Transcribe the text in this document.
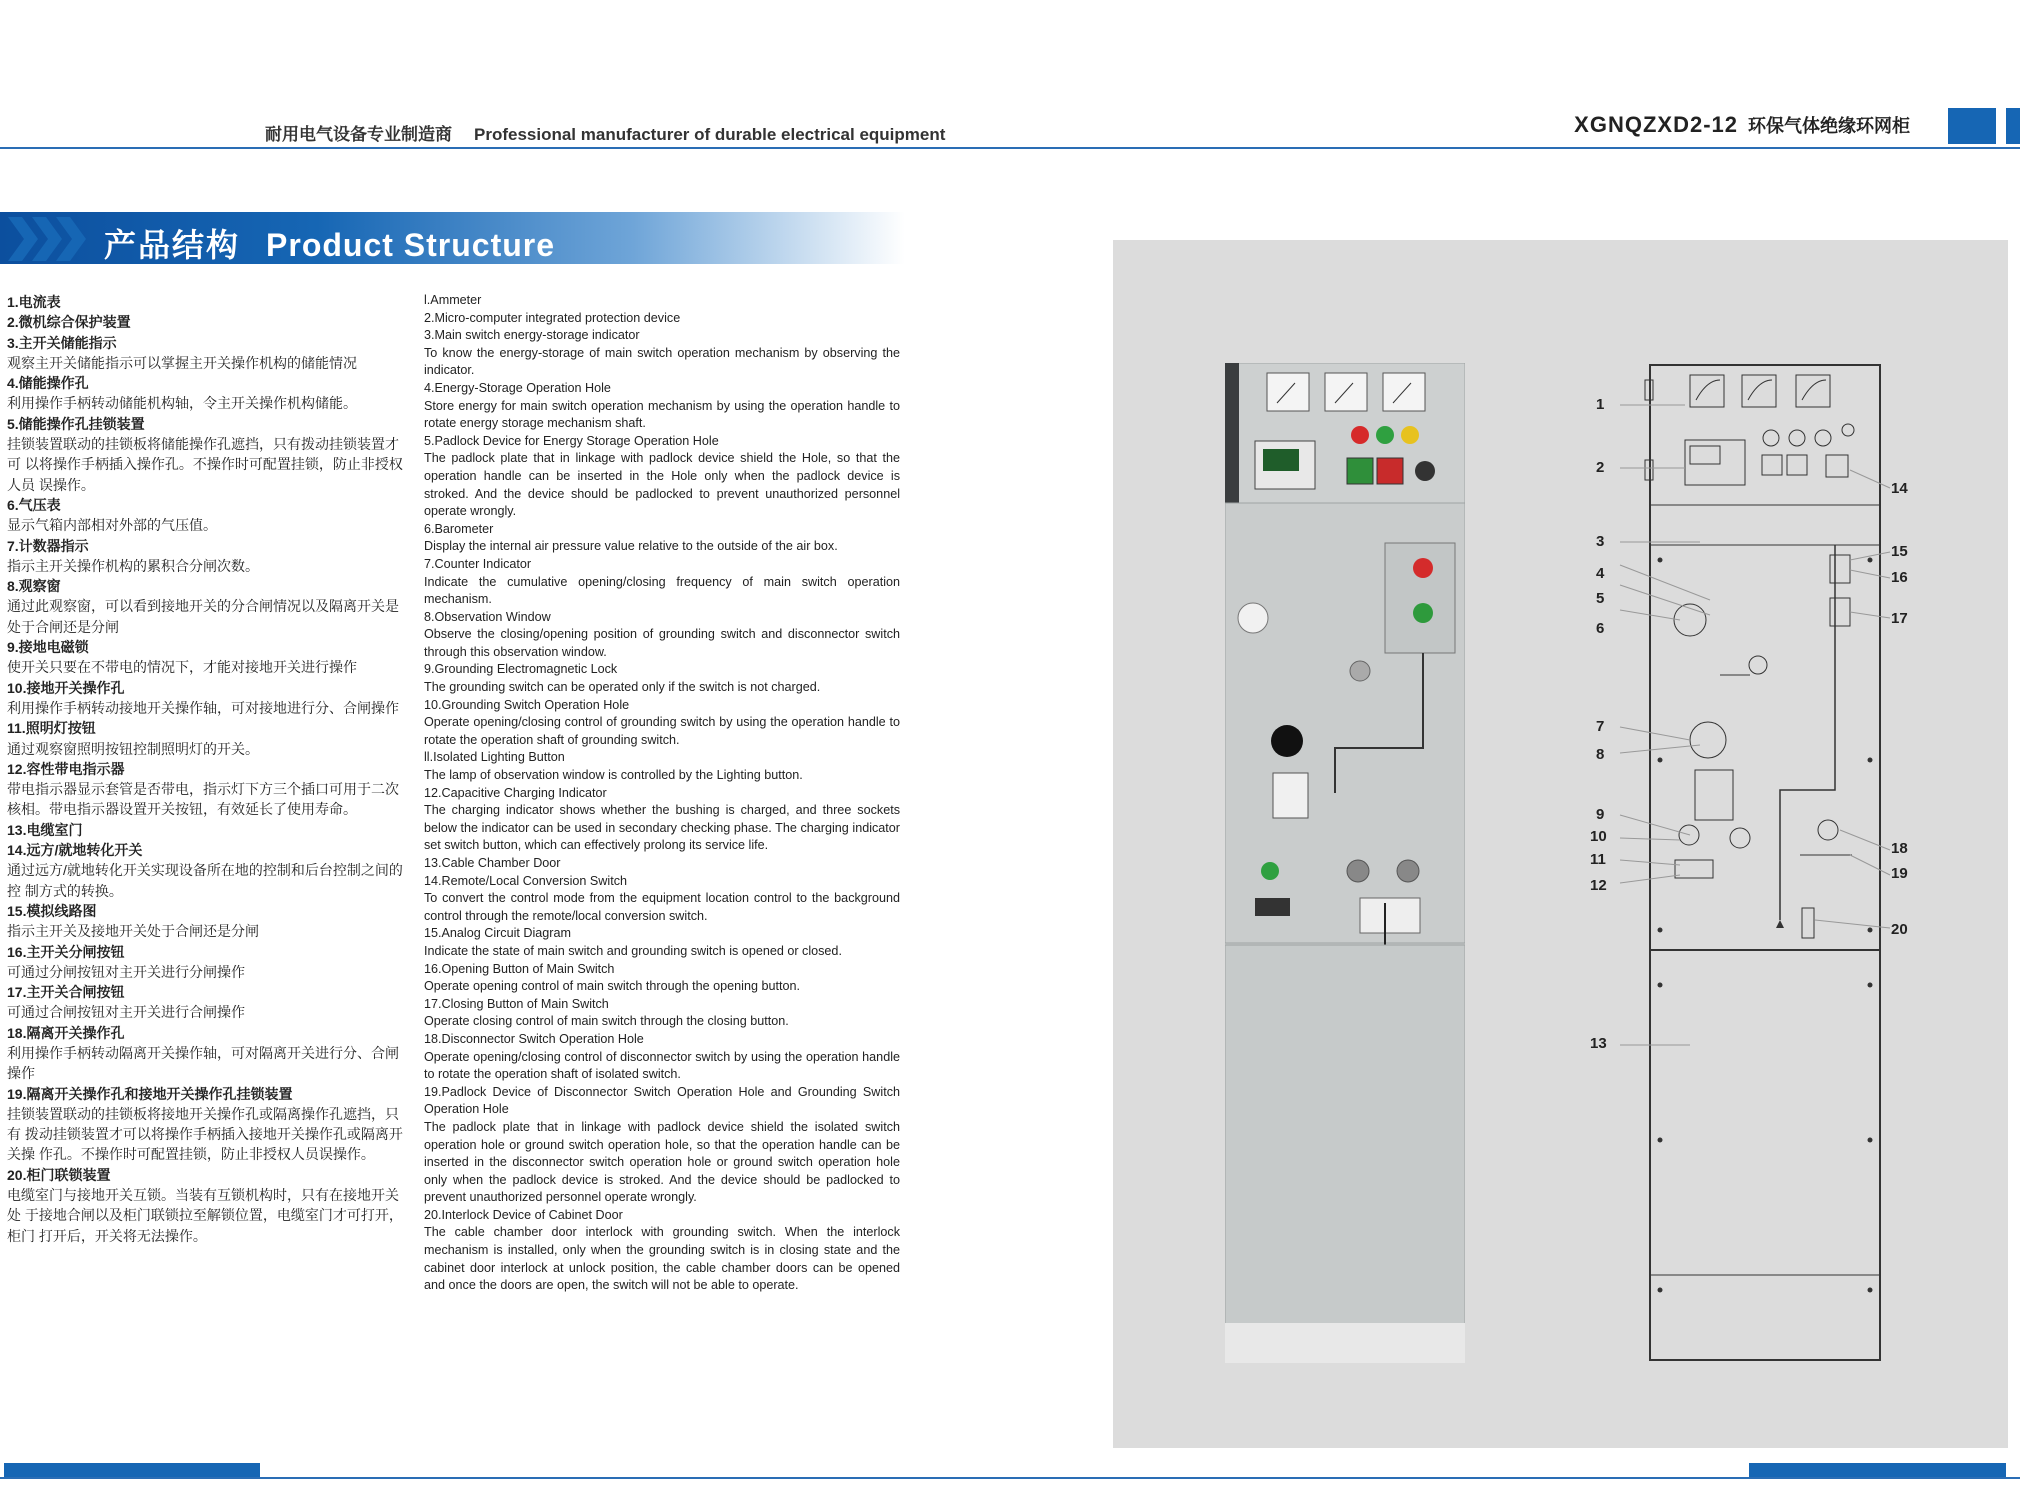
耐用电气设备专业制造商 Professional manufacturer of durable electrical equipment	XGNQZXD2-12 环保气体绝缘环网柜
产品结构 Product Structure
1.电流表
2.微机综合保护装置
3.主开关储能指示
观察主开关储能指示可以掌握主开关操作机构的储能情况
4.储能操作孔
利用操作手柄转动储能机构轴，令主开关操作机构储能。
5.储能操作孔挂锁装置
挂锁装置联动的挂锁板将储能操作孔遮挡，只有拨动挂锁装置才可 以将操作手柄插入操作孔。不操作时可配置挂锁，防止非授权人员 误操作。
6.气压表
显示气箱内部相对外部的气压值。
7.计数器指示
指示主开关操作机构的累积合分闸次数。
8.观察窗
通过此观察窗，可以看到接地开关的分合闸情况以及隔离开关是处于合闸还是分闸
9.接地电磁锁
使开关只要在不带电的情况下，才能对接地开关进行操作
10.接地开关操作孔
利用操作手柄转动接地开关操作轴，可对接地进行分、合闸操作
11.照明灯按钮
通过观察窗照明按钮控制照明灯的开关。
12.容性带电指示器
带电指示器显示套管是否带电，指示灯下方三个插口可用于二次核相。带电指示器设置开关按钮，有效延长了使用寿命。
13.电缆室门
14.远方/就地转化开关
通过远方/就地转化开关实现设备所在地的控制和后台控制之间的控 制方式的转换。
15.模拟线路图
指示主开关及接地开关处于合闸还是分闸
16.主开关分闸按钮
可通过分闸按钮对主开关进行分闸操作
17.主开关合闸按钮
可通过合闸按钮对主开关进行合闸操作
18.隔离开关操作孔
利用操作手柄转动隔离开关操作轴，可对隔离开关进行分、合闸操作
19.隔离开关操作孔和接地开关操作孔挂锁装置
挂锁装置联动的挂锁板将接地开关操作孔或隔离操作孔遮挡，只有 拨动挂锁装置才可以将操作手柄插入接地开关操作孔或隔离开关操 作孔。不操作时可配置挂锁，防止非授权人员误操作。
20.柜门联锁装置
电缆室门与接地开关互锁。当装有互锁机构时，只有在接地开关处 于接地合闸以及柜门联锁拉至解锁位置，电缆室门才可打开，柜门 打开后，开关将无法操作。
l.Ammeter
2.Micro-computer integrated protection device
3.Main switch energy-storage indicator
To know the energy-storage of main switch operation mechanism by observing the indicator.
4.Energy-Storage Operation Hole
Store energy for main switch operation mechanism by using the operation handle to rotate energy storage mechanism shaft.
5.Padlock Device for Energy Storage Operation Hole
The padlock plate that in linkage with padlock device shield the Hole, so that the operation handle can be inserted in the Hole only when the padlock device is stroked. And the device should be padlocked to prevent unauthorized personnel operate wrongly.
6.Barometer
Display the internal air pressure value relative to the outside of the air box.
7.Counter Indicator
Indicate the cumulative opening/closing frequency of main switch operation mechanism.
8.Observation Window
Observe the closing/opening position of grounding switch and disconnector switch through this observation window.
9.Grounding Electromagnetic Lock
The grounding switch can be operated only if the switch is not charged.
10.Grounding Switch Operation Hole
Operate opening/closing control of grounding switch by using the operation handle to rotate the operation shaft of grounding switch.
ll.Isolated Lighting Button
The lamp of observation window is controlled by the Lighting button.
12.Capacitive Charging Indicator
The charging indicator shows whether the bushing is charged, and three sockets below the indicator can be used in secondary checking phase. The charging indicator set switch button, which can effectively prolong its service life.
13.Cable Chamber Door
14.Remote/Local Conversion Switch
To convert the control mode from the equipment location control to the background control through the remote/local conversion switch.
15.Analog Circuit Diagram
Indicate the state of main switch and grounding switch is opened or closed.
16.Opening Button of Main Switch
Operate opening control of main switch through the opening button.
17.Closing Button of Main Switch
Operate closing control of main switch through the closing button.
18.Disconnector Switch Operation Hole
Operate opening/closing control of disconnector switch by using the operation handle to rotate the operation shaft of isolated switch.
19.Padlock Device of Disconnector Switch Operation Hole and Grounding Switch Operation Hole
The padlock plate that in linkage with padlock device shield the isolated switch operation hole or ground switch operation hole, so that the operation handle can be inserted in the disconnector switch operation hole or ground switch operation hole only when the padlock device is stroked. And the device should be padlocked to prevent unauthorized personnel operate wrongly.
20.Interlock Device of Cabinet Door
The cable chamber door interlock with grounding switch. When the interlock mechanism is installed, only when the grounding switch is in closing state and the cabinet door interlock at unlock position, the cable chamber doors can be opened and once the doors are open, the switch will not be able to operate.
1
2
3
4
5
6
7
8
9
10
11
12
13
14
15
16
17
18
19
20
